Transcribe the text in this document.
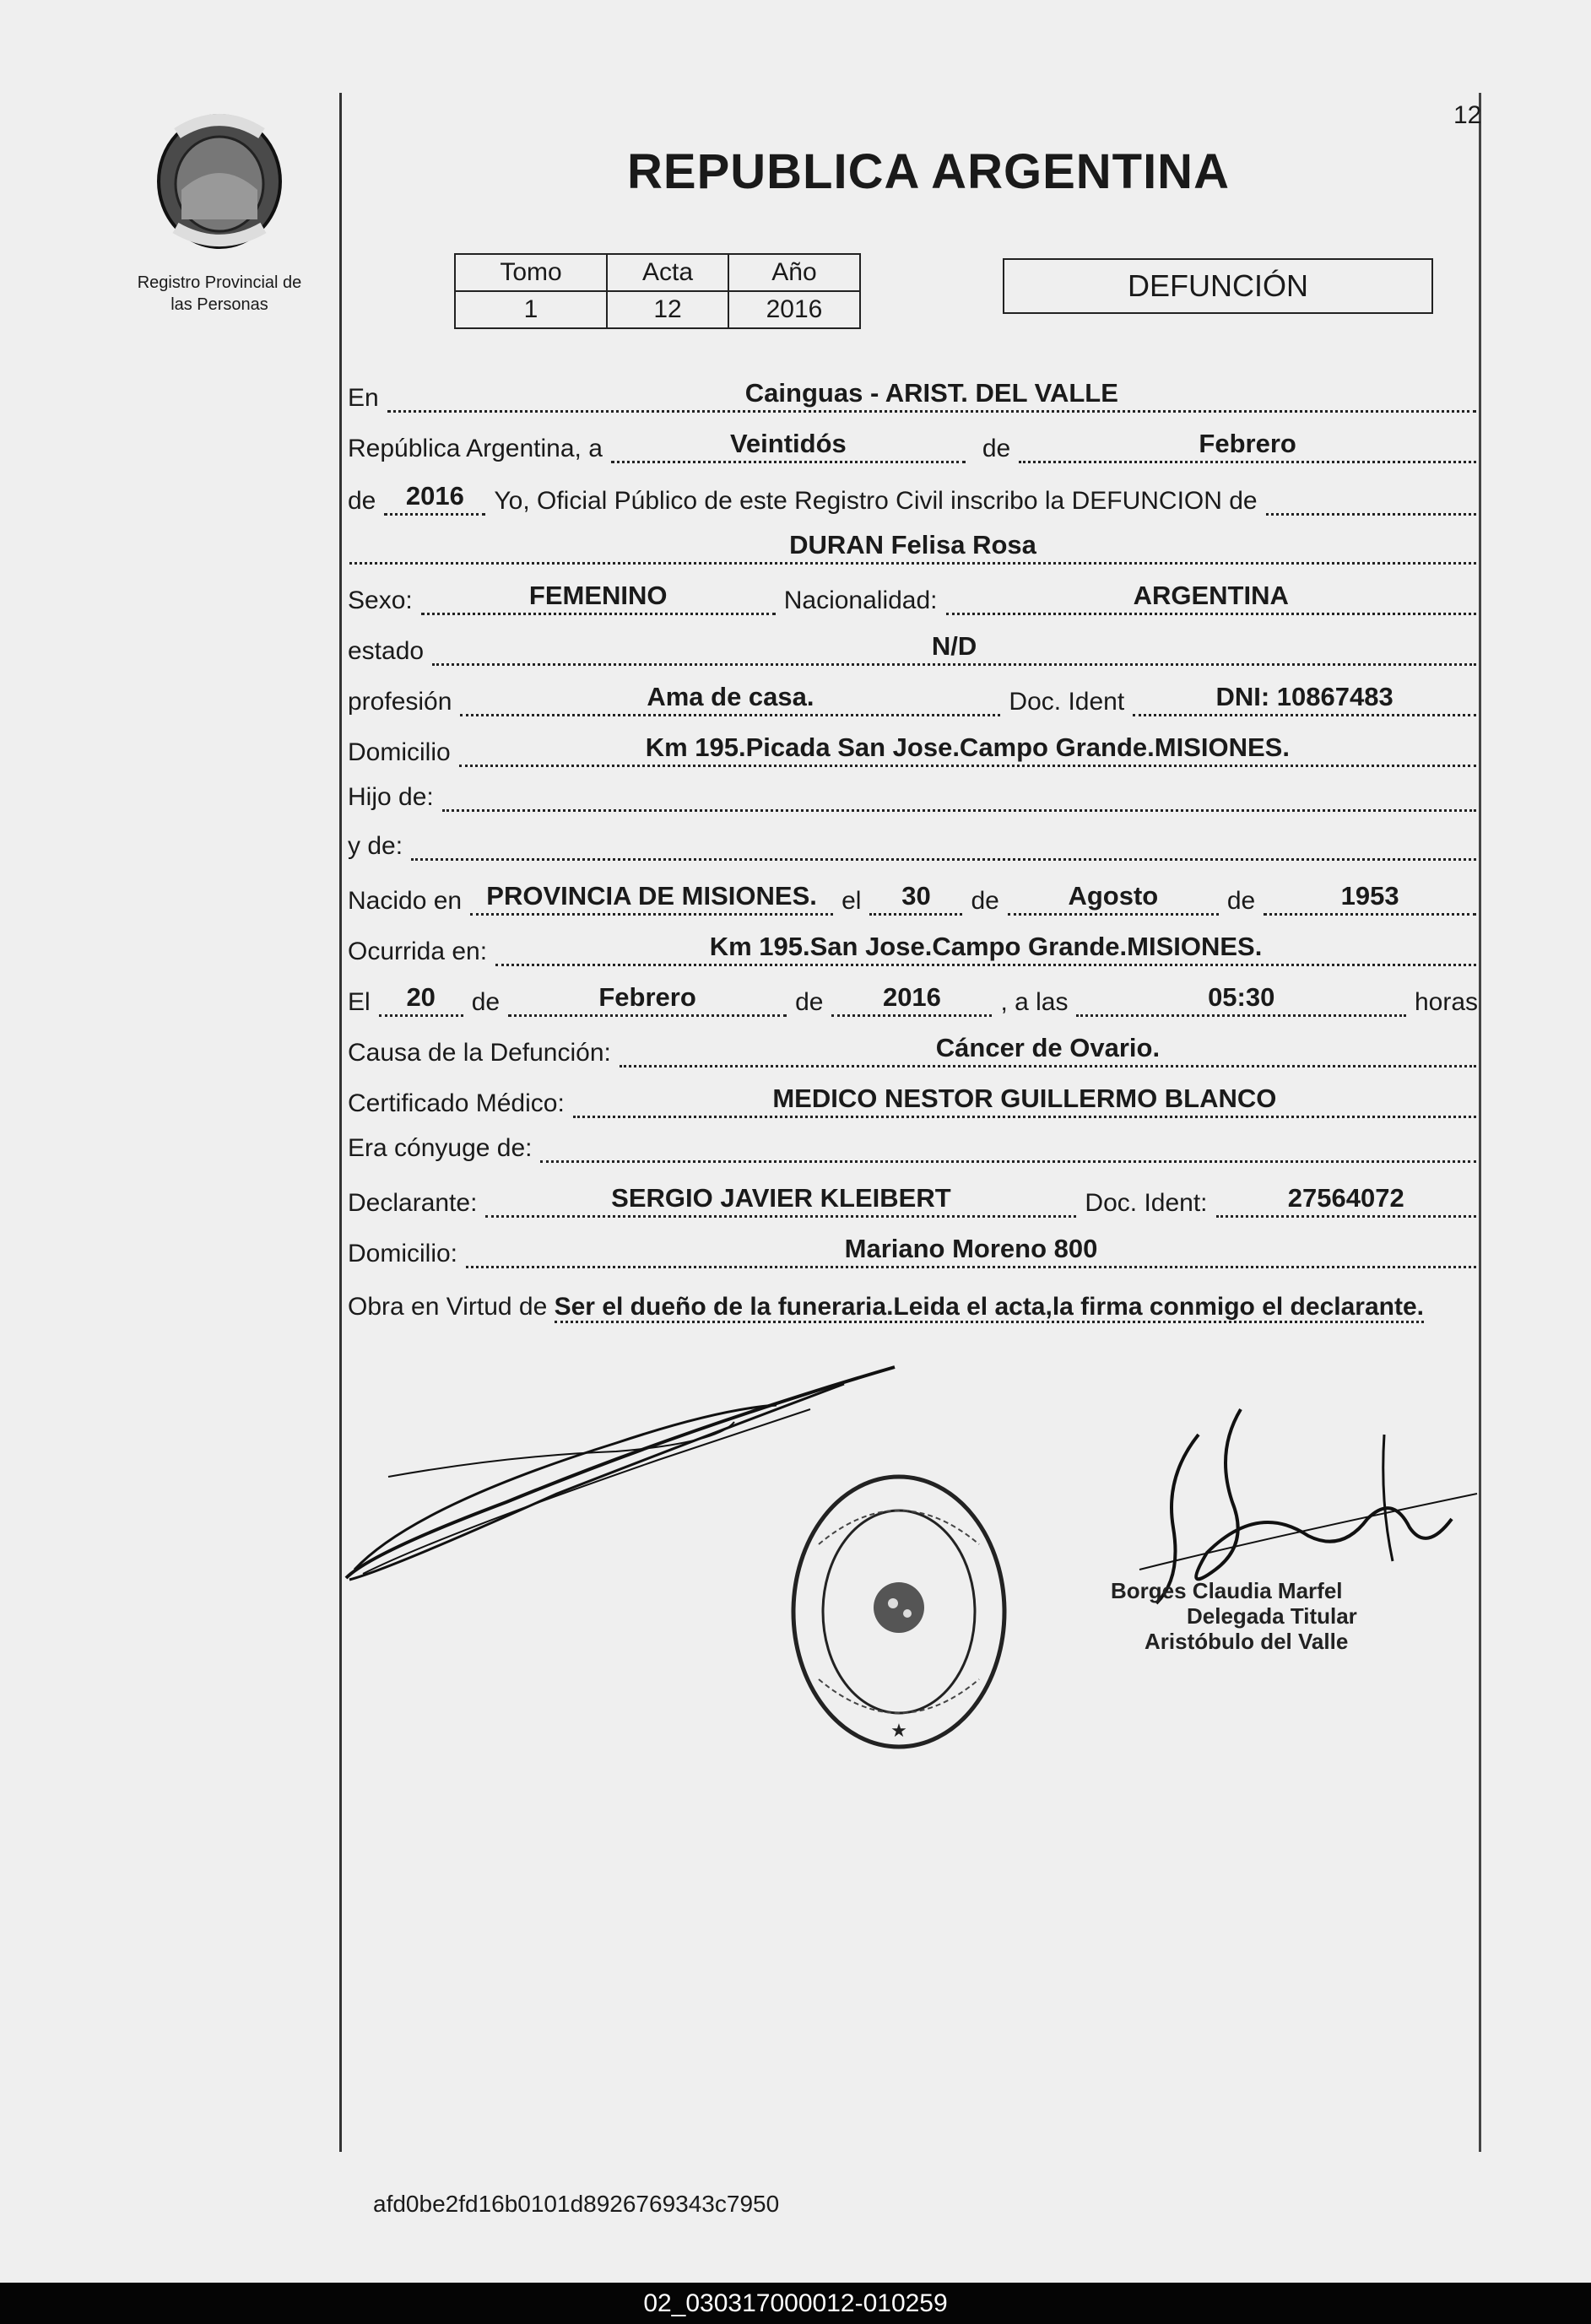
12
Registro Provincial de
las Personas
REPUBLICA ARGENTINA
Tomo	Acta	Año
1	12	2016
DEFUNCIÓN
En	Cainguas - ARIST. DEL VALLE
República Argentina, a	Veintidós	de	Febrero
de	2016	Yo, Oficial Público de este Registro Civil inscribo la DEFUNCION de
DURAN Felisa Rosa
Sexo:	FEMENINO	Nacionalidad:	ARGENTINA
estado	N/D
profesión	Ama de casa.	Doc. Ident	DNI: 10867483
Domicilio	Km 195.Picada San Jose.Campo Grande.MISIONES.
Hijo de:
y de:
Nacido en PROVINCIA DE MISIONES. el	30	de	Agosto	de	1953
Ocurrida en:	Km 195.San Jose.Campo Grande.MISIONES.
El	20	de	Febrero	de	2016	, a las	05:30	horas
Causa de la Defunción:	Cáncer de Ovario.
Certificado Médico:	MEDICO NESTOR GUILLERMO BLANCO
Era cónyuge de:
Declarante:	SERGIO JAVIER KLEIBERT	Doc. Ident:	27564072
Domicilio:	Mariano Moreno 800
Obra en Virtud de Ser el dueño de la funeraria.Leida el acta,la firma conmigo el declarante.
★
Borges Claudia Marfel
Delegada Titular
Aristóbulo del Valle
afd0be2fd16b0101d8926769343c7950
02_030317000012-010259
